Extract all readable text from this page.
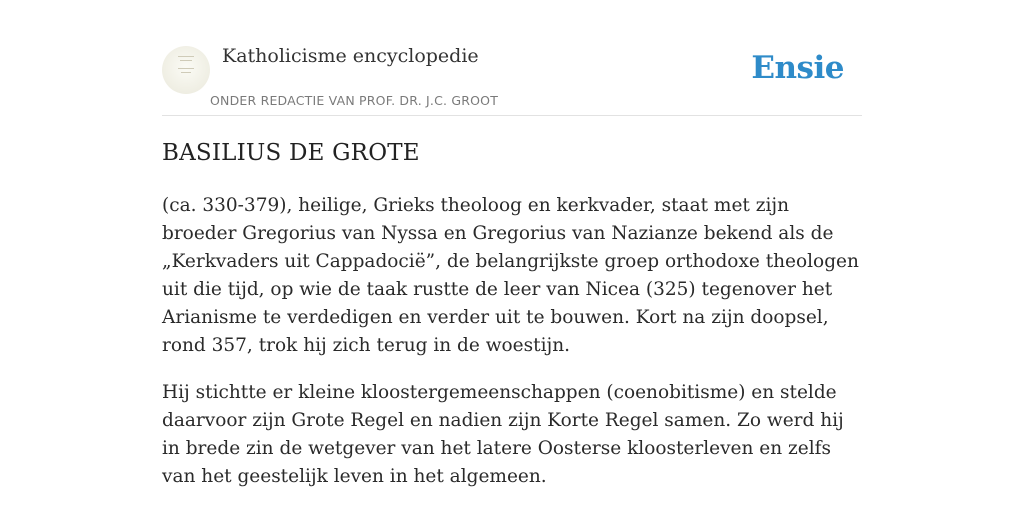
Katholicisme encyclopedie
ONDER REDACTIE VAN PROF. DR. J.C. GROOT
Ensie
BASILIUS DE GROTE

(ca. 330-379), heilige, Grieks theoloog en kerkvader, staat met zijn broeder Gregorius van Nyssa en Gregorius van Nazianze bekend als de „Kerkvaders uit Cappadocië”, de belangrijkste groep orthodoxe theologen uit die tijd, op wie de taak rustte de leer van Nicea (325) tegenover het Arianisme te verdedigen en verder uit te bouwen. Kort na zijn doopsel, rond 357, trok hij zich terug in de woestijn.

Hij stichtte er kleine kloostergemeenschappen (coenobitisme) en stelde daarvoor zijn Grote Regel en nadien zijn Korte Regel samen. Zo werd hij in brede zin de wetgever van het latere Oosterse kloosterleven en zelfs van het geestelijk leven in het algemeen.
